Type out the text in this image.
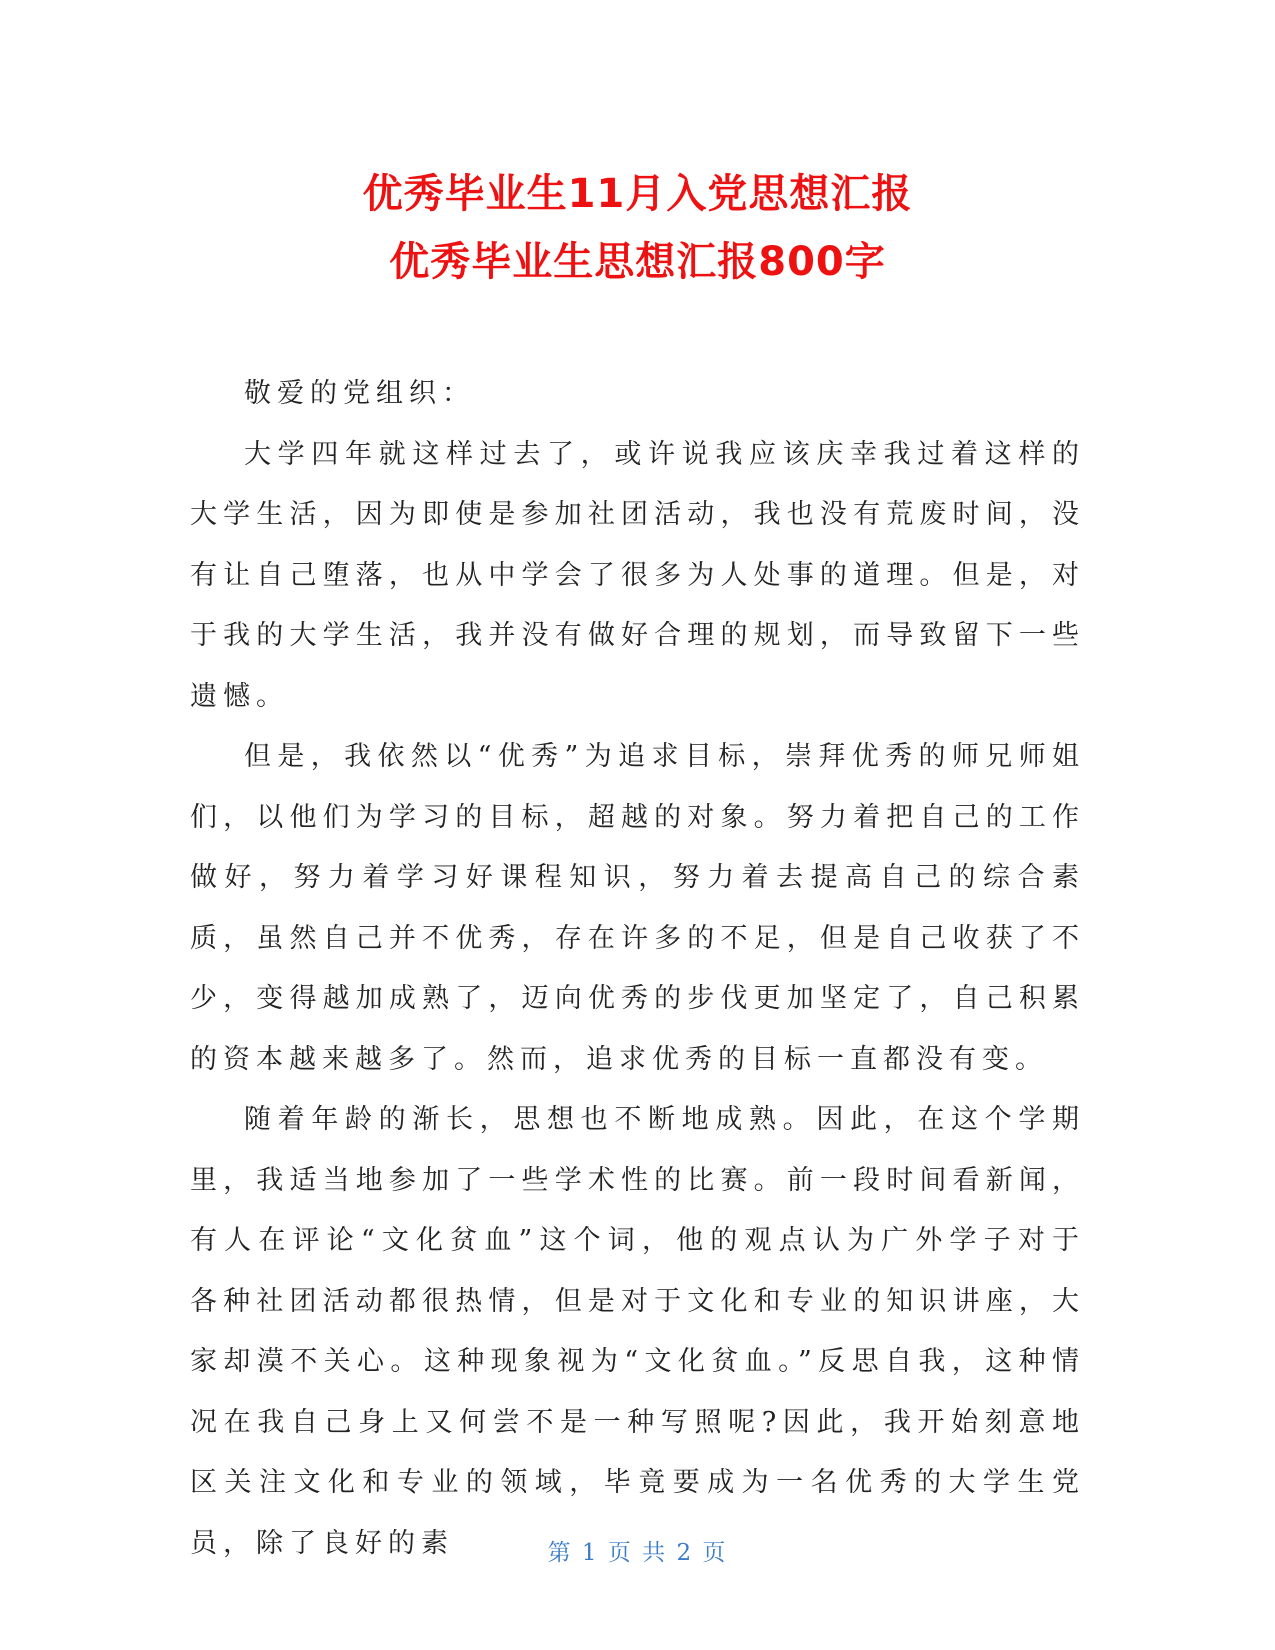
优秀毕业生11月入党思想汇报
优秀毕业生思想汇报800字

敬爱的党组织：

大学四年就这样过去了，或许说我应该庆幸我过着这样的大学生活，因为即使是参加社团活动，我也没有荒废时间，没有让自己堕落，也从中学会了很多为人处事的道理。但是，对于我的大学生活，我并没有做好合理的规划，而导致留下一些遗憾。

但是，我依然以“优秀”为追求目标，崇拜优秀的师兄师姐们，以他们为学习的目标，超越的对象。努力着把自己的工作做好，努力着学习好课程知识，努力着去提高自己的综合素质，虽然自己并不优秀，存在许多的不足，但是自己收获了不少，变得越加成熟了，迈向优秀的步伐更加坚定了，自己积累的资本越来越多了。然而，追求优秀的目标一直都没有变。

随着年龄的渐长，思想也不断地成熟。因此，在这个学期里，我适当地参加了一些学术性的比赛。前一段时间看新闻，有人在评论“文化贫血”这个词，他的观点认为广外学子对于各种社团活动都很热情，但是对于文化和专业的知识讲座，大家却漠不关心。这种现象视为“文化贫血。”反思自我，这种情况在我自己身上又何尝不是一种写照呢?因此，我开始刻意地区关注文化和专业的领域，毕竟要成为一名优秀的大学生党员，除了良好的素	第 1 页 共 2 页
